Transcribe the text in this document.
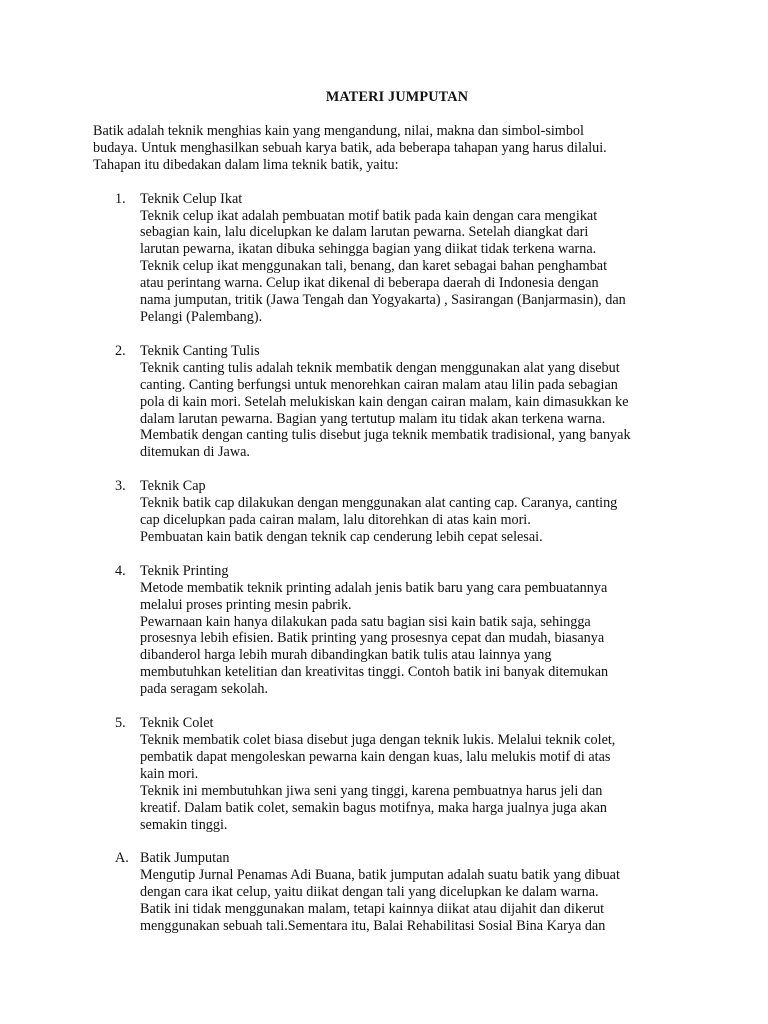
MATERI JUMPUTAN
Batik adalah teknik menghias kain yang mengandung, nilai, makna dan simbol-simbol
budaya. Untuk menghasilkan sebuah karya batik, ada beberapa tahapan yang harus dilalui.
Tahapan itu dibedakan dalam lima teknik batik, yaitu:
1. Teknik Celup Ikat
Teknik celup ikat adalah pembuatan motif batik pada kain dengan cara mengikat
sebagian kain, lalu dicelupkan ke dalam larutan pewarna. Setelah diangkat dari
larutan pewarna, ikatan dibuka sehingga bagian yang diikat tidak terkena warna.
Teknik celup ikat menggunakan tali, benang, dan karet sebagai bahan penghambat
atau perintang warna. Celup ikat dikenal di beberapa daerah di Indonesia dengan
nama jumputan, tritik (Jawa Tengah dan Yogyakarta) , Sasirangan (Banjarmasin), dan
Pelangi (Palembang).
2. Teknik Canting Tulis
Teknik canting tulis adalah teknik membatik dengan menggunakan alat yang disebut
canting. Canting berfungsi untuk menorehkan cairan malam atau lilin pada sebagian
pola di kain mori. Setelah melukiskan kain dengan cairan malam, kain dimasukkan ke
dalam larutan pewarna. Bagian yang tertutup malam itu tidak akan terkena warna.
Membatik dengan canting tulis disebut juga teknik membatik tradisional, yang banyak
ditemukan di Jawa.
3. Teknik Cap
Teknik batik cap dilakukan dengan menggunakan alat canting cap. Caranya, canting
cap dicelupkan pada cairan malam, lalu ditorehkan di atas kain mori.
Pembuatan kain batik dengan teknik cap cenderung lebih cepat selesai.
4. Teknik Printing
Metode membatik teknik printing adalah jenis batik baru yang cara pembuatannya
melalui proses printing mesin pabrik.
Pewarnaan kain hanya dilakukan pada satu bagian sisi kain batik saja, sehingga
prosesnya lebih efisien. Batik printing yang prosesnya cepat dan mudah, biasanya
dibanderol harga lebih murah dibandingkan batik tulis atau lainnya yang
membutuhkan ketelitian dan kreativitas tinggi. Contoh batik ini banyak ditemukan
pada seragam sekolah.
5. Teknik Colet
Teknik membatik colet biasa disebut juga dengan teknik lukis. Melalui teknik colet,
pembatik dapat mengoleskan pewarna kain dengan kuas, lalu melukis motif di atas
kain mori.
Teknik ini membutuhkan jiwa seni yang tinggi, karena pembuatnya harus jeli dan
kreatif. Dalam batik colet, semakin bagus motifnya, maka harga jualnya juga akan
semakin tinggi.
A. Batik Jumputan
Mengutip Jurnal Penamas Adi Buana, batik jumputan adalah suatu batik yang dibuat
dengan cara ikat celup, yaitu diikat dengan tali yang dicelupkan ke dalam warna.
Batik ini tidak menggunakan malam, tetapi kainnya diikat atau dijahit dan dikerut
menggunakan sebuah tali.Sementara itu, Balai Rehabilitasi Sosial Bina Karya dan
